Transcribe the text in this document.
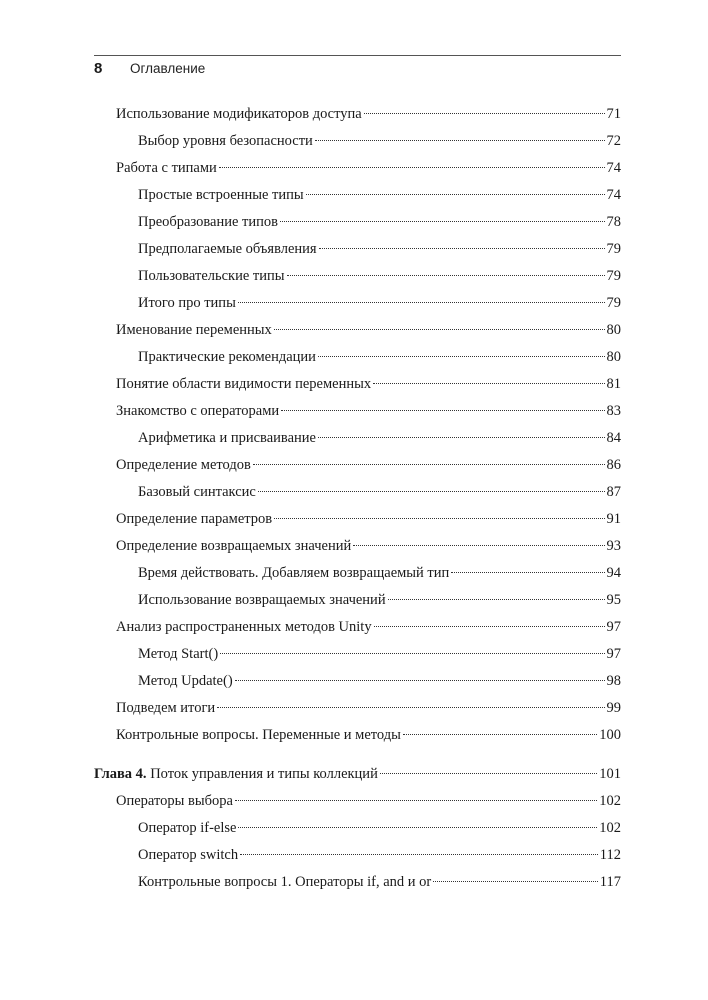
8	Оглавление
Использование модификаторов доступа	71
Выбор уровня безопасности	72
Работа с типами	74
Простые встроенные типы	74
Преобразование типов	78
Предполагаемые объявления	79
Пользовательские типы	79
Итого про типы	79
Именование переменных	80
Практические рекомендации	80
Понятие области видимости переменных	81
Знакомство с операторами	83
Арифметика и присваивание	84
Определение методов	86
Базовый синтаксис	87
Определение параметров	91
Определение возвращаемых значений	93
Время действовать. Добавляем возвращаемый тип	94
Использование возвращаемых значений	95
Анализ распространенных методов Unity	97
Метод Start()	97
Метод Update()	98
Подведем итоги	99
Контрольные вопросы. Переменные и методы	100
Глава 4. Поток управления и типы коллекций	101
Операторы выбора	102
Оператор if-else	102
Оператор switch	112
Контрольные вопросы 1. Операторы if, and и or	117
